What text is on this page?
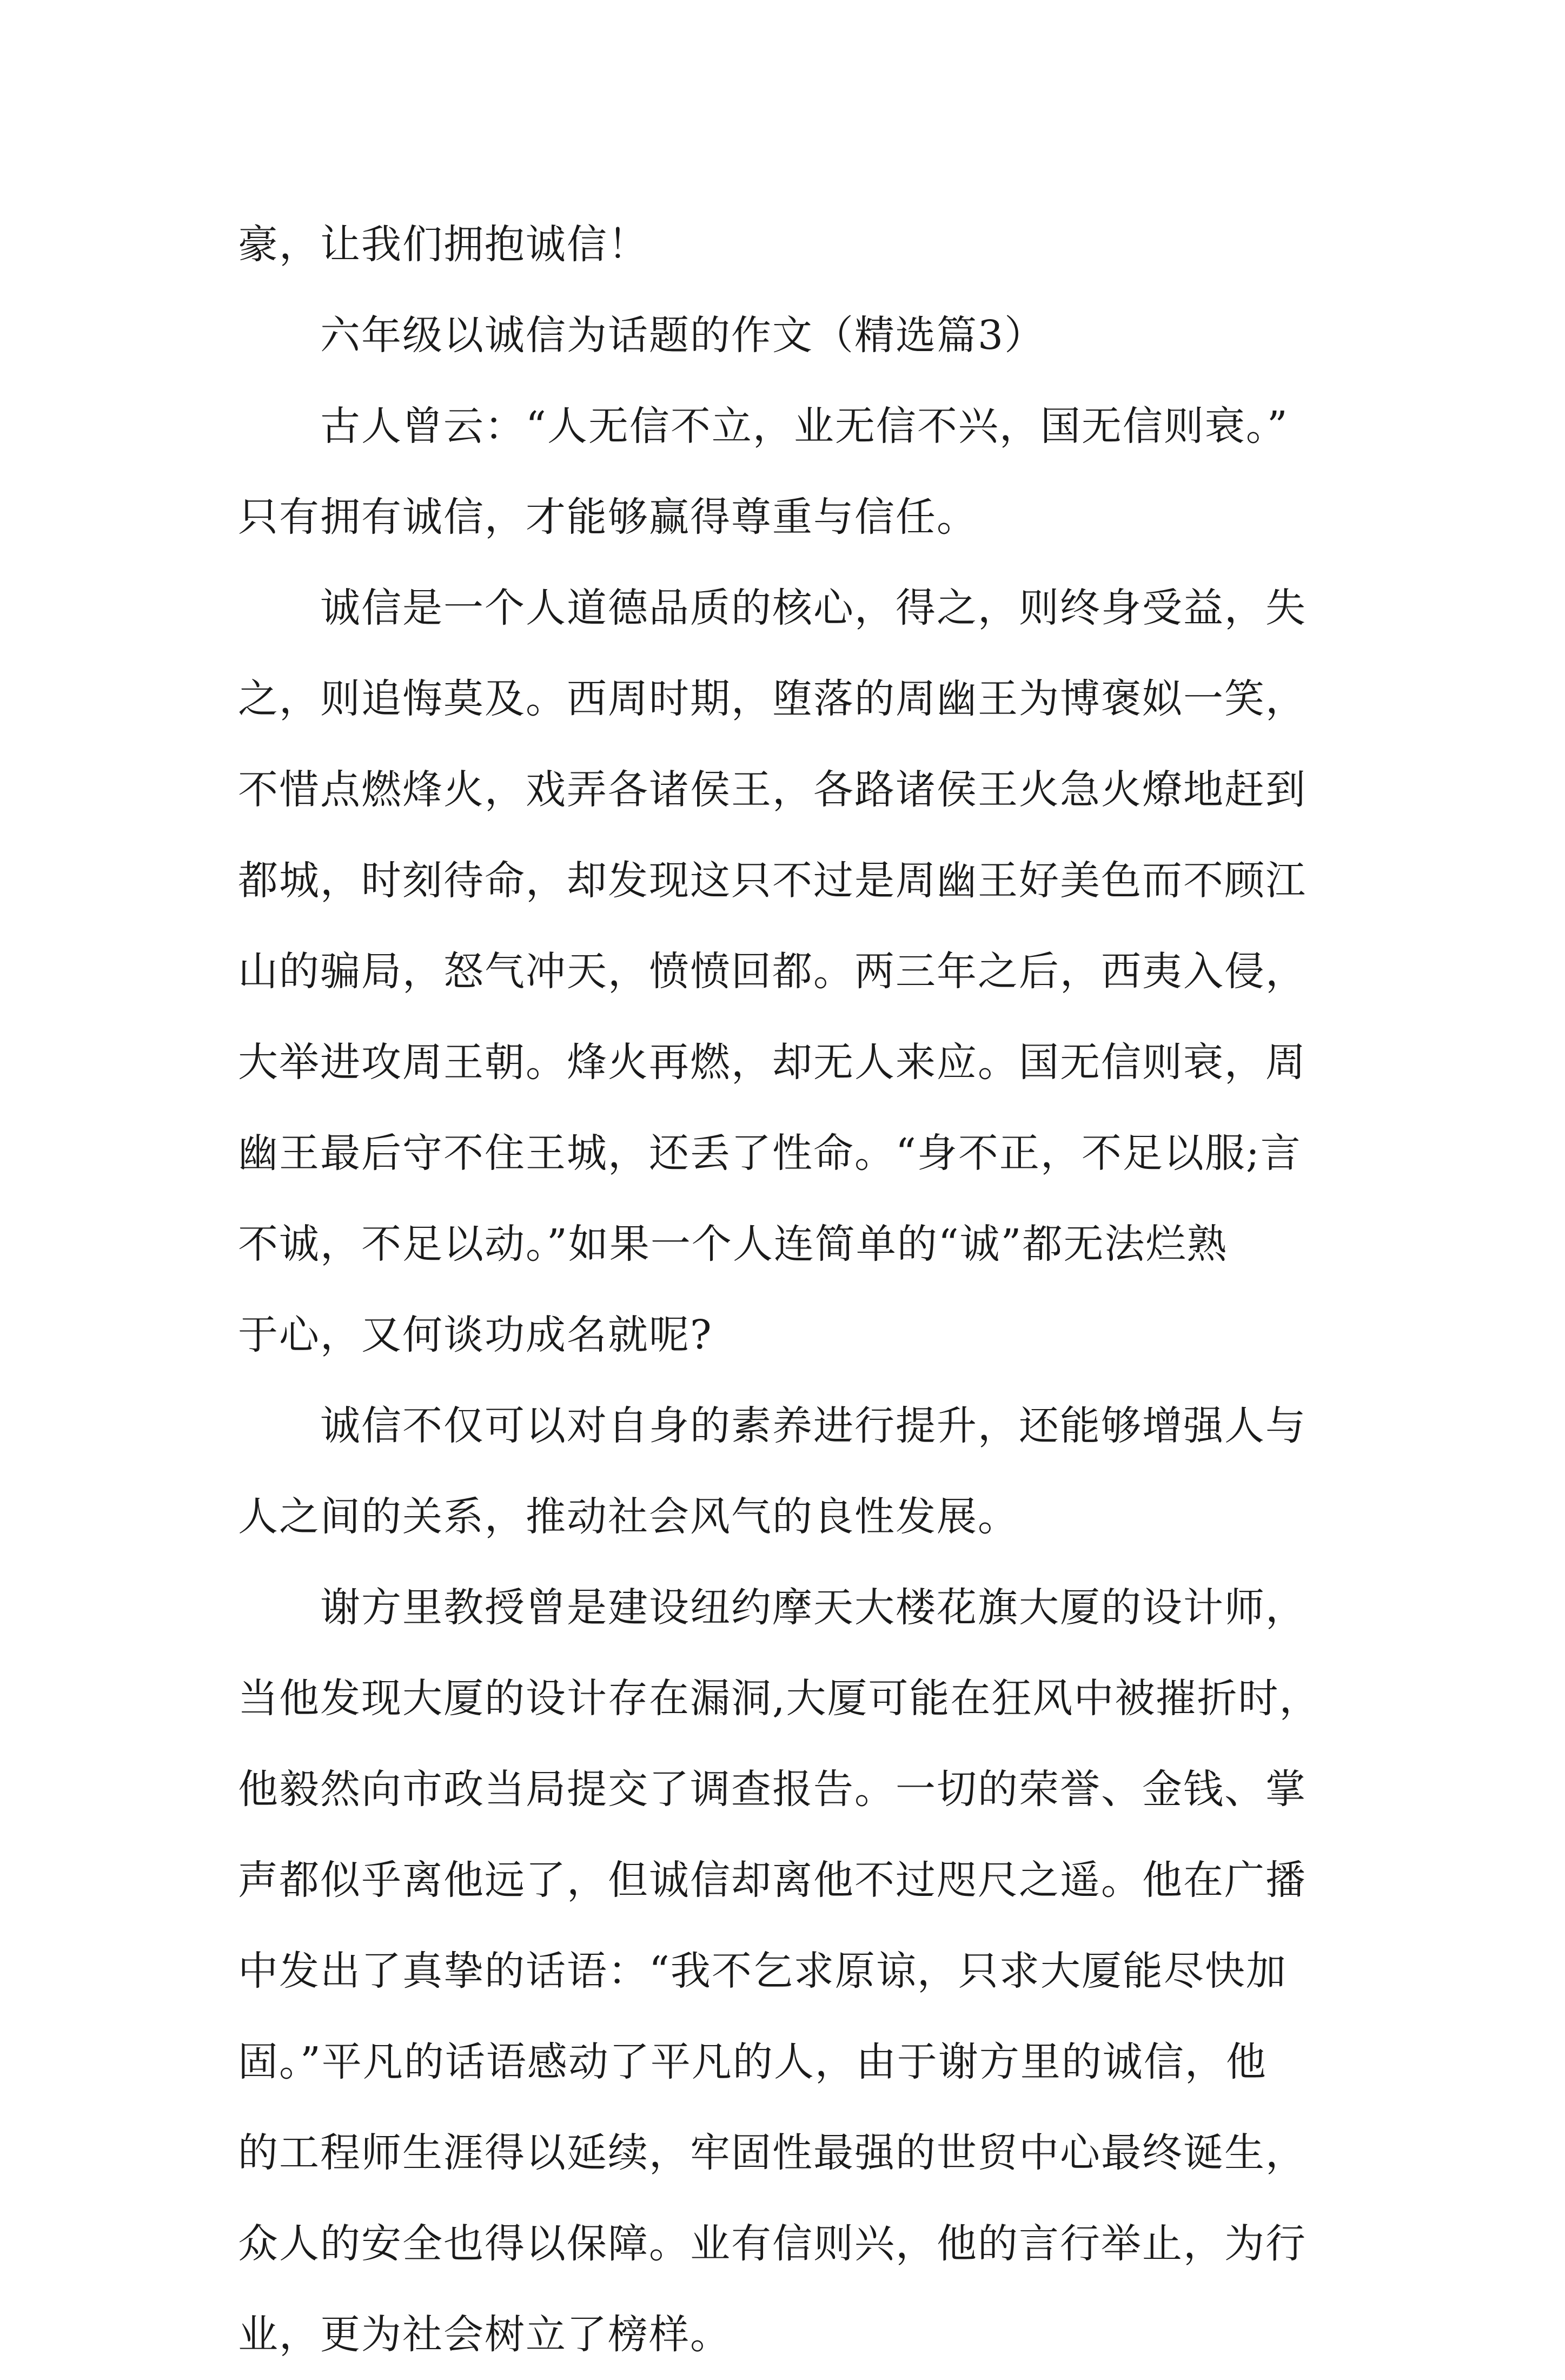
豪，让我们拥抱诚信！
六年级以诚信为话题的作文（精选篇3）
古人曾云：“人无信不立，业无信不兴，国无信则衰。”
只有拥有诚信，才能够赢得尊重与信任。
诚信是一个人道德品质的核心，得之，则终身受益，失
之，则追悔莫及。西周时期，堕落的周幽王为博褒姒一笑，
不惜点燃烽火，戏弄各诸侯王，各路诸侯王火急火燎地赶到
都城，时刻待命，却发现这只不过是周幽王好美色而不顾江
山的骗局，怒气冲天，愤愤回都。两三年之后，西夷入侵，
大举进攻周王朝。烽火再燃，却无人来应。国无信则衰，周
幽王最后守不住王城，还丢了性命。“身不正，不足以服;言
不诚，不足以动。”如果一个人连简单的“诚”都无法烂熟
于心，又何谈功成名就呢?
诚信不仅可以对自身的素养进行提升，还能够增强人与
人之间的关系，推动社会风气的良性发展。
谢方里教授曾是建设纽约摩天大楼花旗大厦的设计师，
当他发现大厦的设计存在漏洞,大厦可能在狂风中被摧折时，
他毅然向市政当局提交了调查报告。一切的荣誉、金钱、掌
声都似乎离他远了，但诚信却离他不过咫尺之遥。他在广播
中发出了真挚的话语：“我不乞求原谅，只求大厦能尽快加
固。”平凡的话语感动了平凡的人，由于谢方里的诚信，他
的工程师生涯得以延续，牢固性最强的世贸中心最终诞生，
众人的安全也得以保障。业有信则兴，他的言行举止，为行
业，更为社会树立了榜样。
